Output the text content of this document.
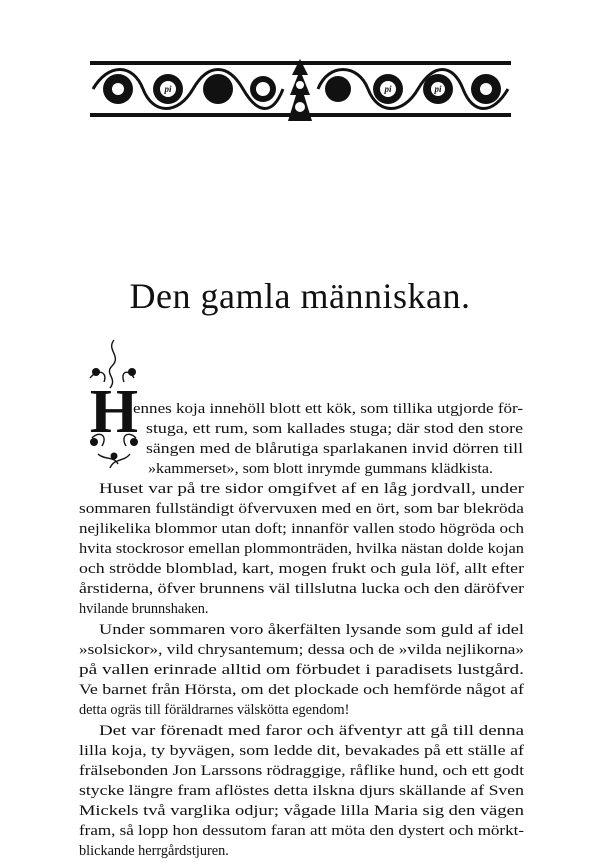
pi	pi	pi
Den gamla människan.
H

ennes koja innehöll blott ett kök, som tillika utgjorde för-

stuga, ett rum, som kallades stuga; där stod den store

sängen med de blårutiga sparlakanen invid dörren till

»kammerset», som blott inrymde gummans klädkista.

Huset var på tre sidor omgifvet af en låg jordvall, under

sommaren fullständigt öfvervuxen med en ört, som bar blekröda

nejlikelika blommor utan doft; innanför vallen stodo högröda och

hvita stockrosor emellan plommonträden, hvilka nästan dolde kojan

och strödde blomblad, kart, mogen frukt och gula löf, allt efter

årstiderna, öfver brunnens väl tillslutna lucka och den däröfver

hvilande brunnshaken.

Under sommaren voro åkerfälten lysande som guld af idel

»solsickor», vild chrysantemum; dessa och de »vilda nejlikorna»

på vallen erinrade alltid om förbudet i paradisets lustgård.

Ve barnet från Hörsta, om det plockade och hemförde något af

detta ogräs till föräldrarnes välskötta egendom!

Det var förenadt med faror och äfventyr att gå till denna

lilla koja, ty byvägen, som ledde dit, bevakades på ett ställe af

frälsebonden Jon Larssons rödraggige, råflike hund, och ett godt

stycke längre fram aflöstes detta ilskna djurs skällande af Sven

Mickels två varglika odjur; vågade lilla Maria sig den vägen

fram, så lopp hon dessutom faran att möta den dystert och mörkt-

blickande herrgårdstjuren.
